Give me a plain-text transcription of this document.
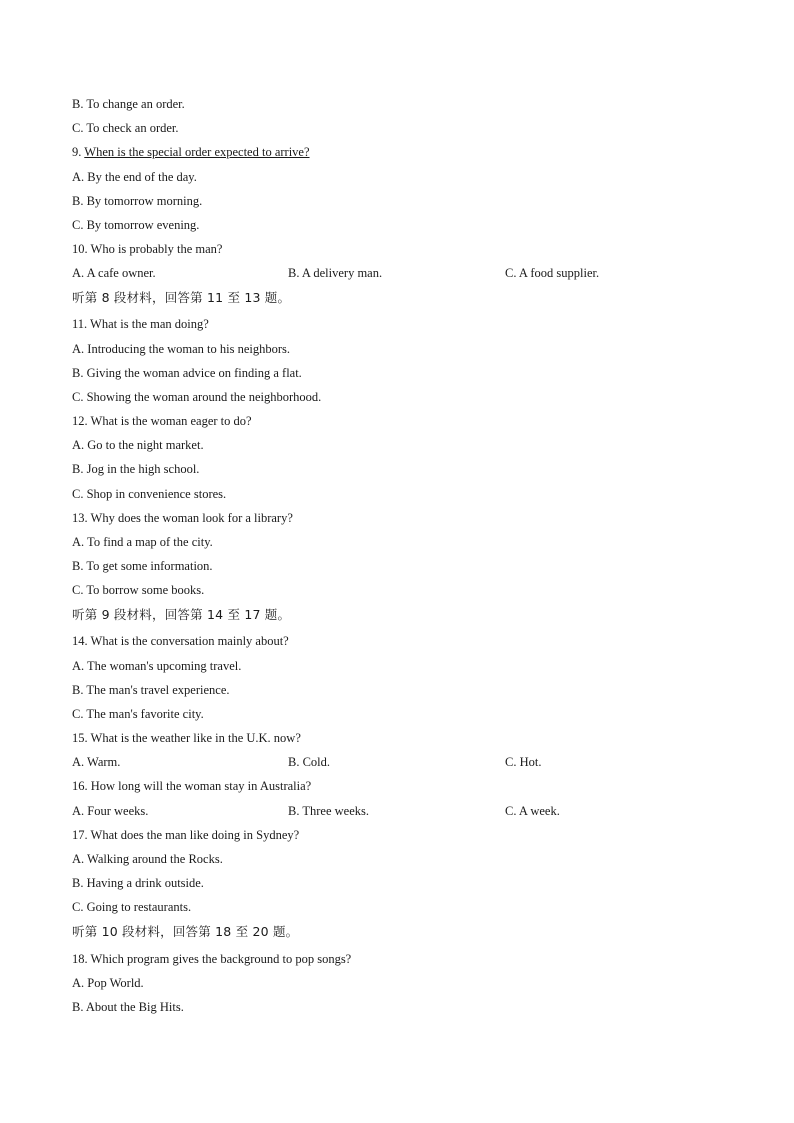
B. To change an order.
C. To check an order.
9. When is the special order expected to arrive?
A. By the end of the day.
B. By tomorrow morning.
C. By tomorrow evening.
10. Who is probably the man?
A. A cafe owner.	B. A delivery man.	C. A food supplier.
听第 8 段材料，回答第 11 至 13 题。
11. What is the man doing?
A. Introducing the woman to his neighbors.
B. Giving the woman advice on finding a flat.
C. Showing the woman around the neighborhood.
12. What is the woman eager to do?
A. Go to the night market.
B. Jog in the high school.
C. Shop in convenience stores.
13. Why does the woman look for a library?
A. To find a map of the city.
B. To get some information.
C. To borrow some books.
听第 9 段材料，回答第 14 至 17 题。
14. What is the conversation mainly about?
A. The woman's upcoming travel.
B. The man's travel experience.
C. The man's favorite city.
15. What is the weather like in the U.K. now?
A. Warm.	B. Cold.	C. Hot.
16. How long will the woman stay in Australia?
A. Four weeks.	B. Three weeks.	C. A week.
17. What does the man like doing in Sydney?
A. Walking around the Rocks.
B. Having a drink outside.
C. Going to restaurants.
听第 10 段材料，回答第 18 至 20 题。
18. Which program gives the background to pop songs?
A. Pop World.
B. About the Big Hits.
